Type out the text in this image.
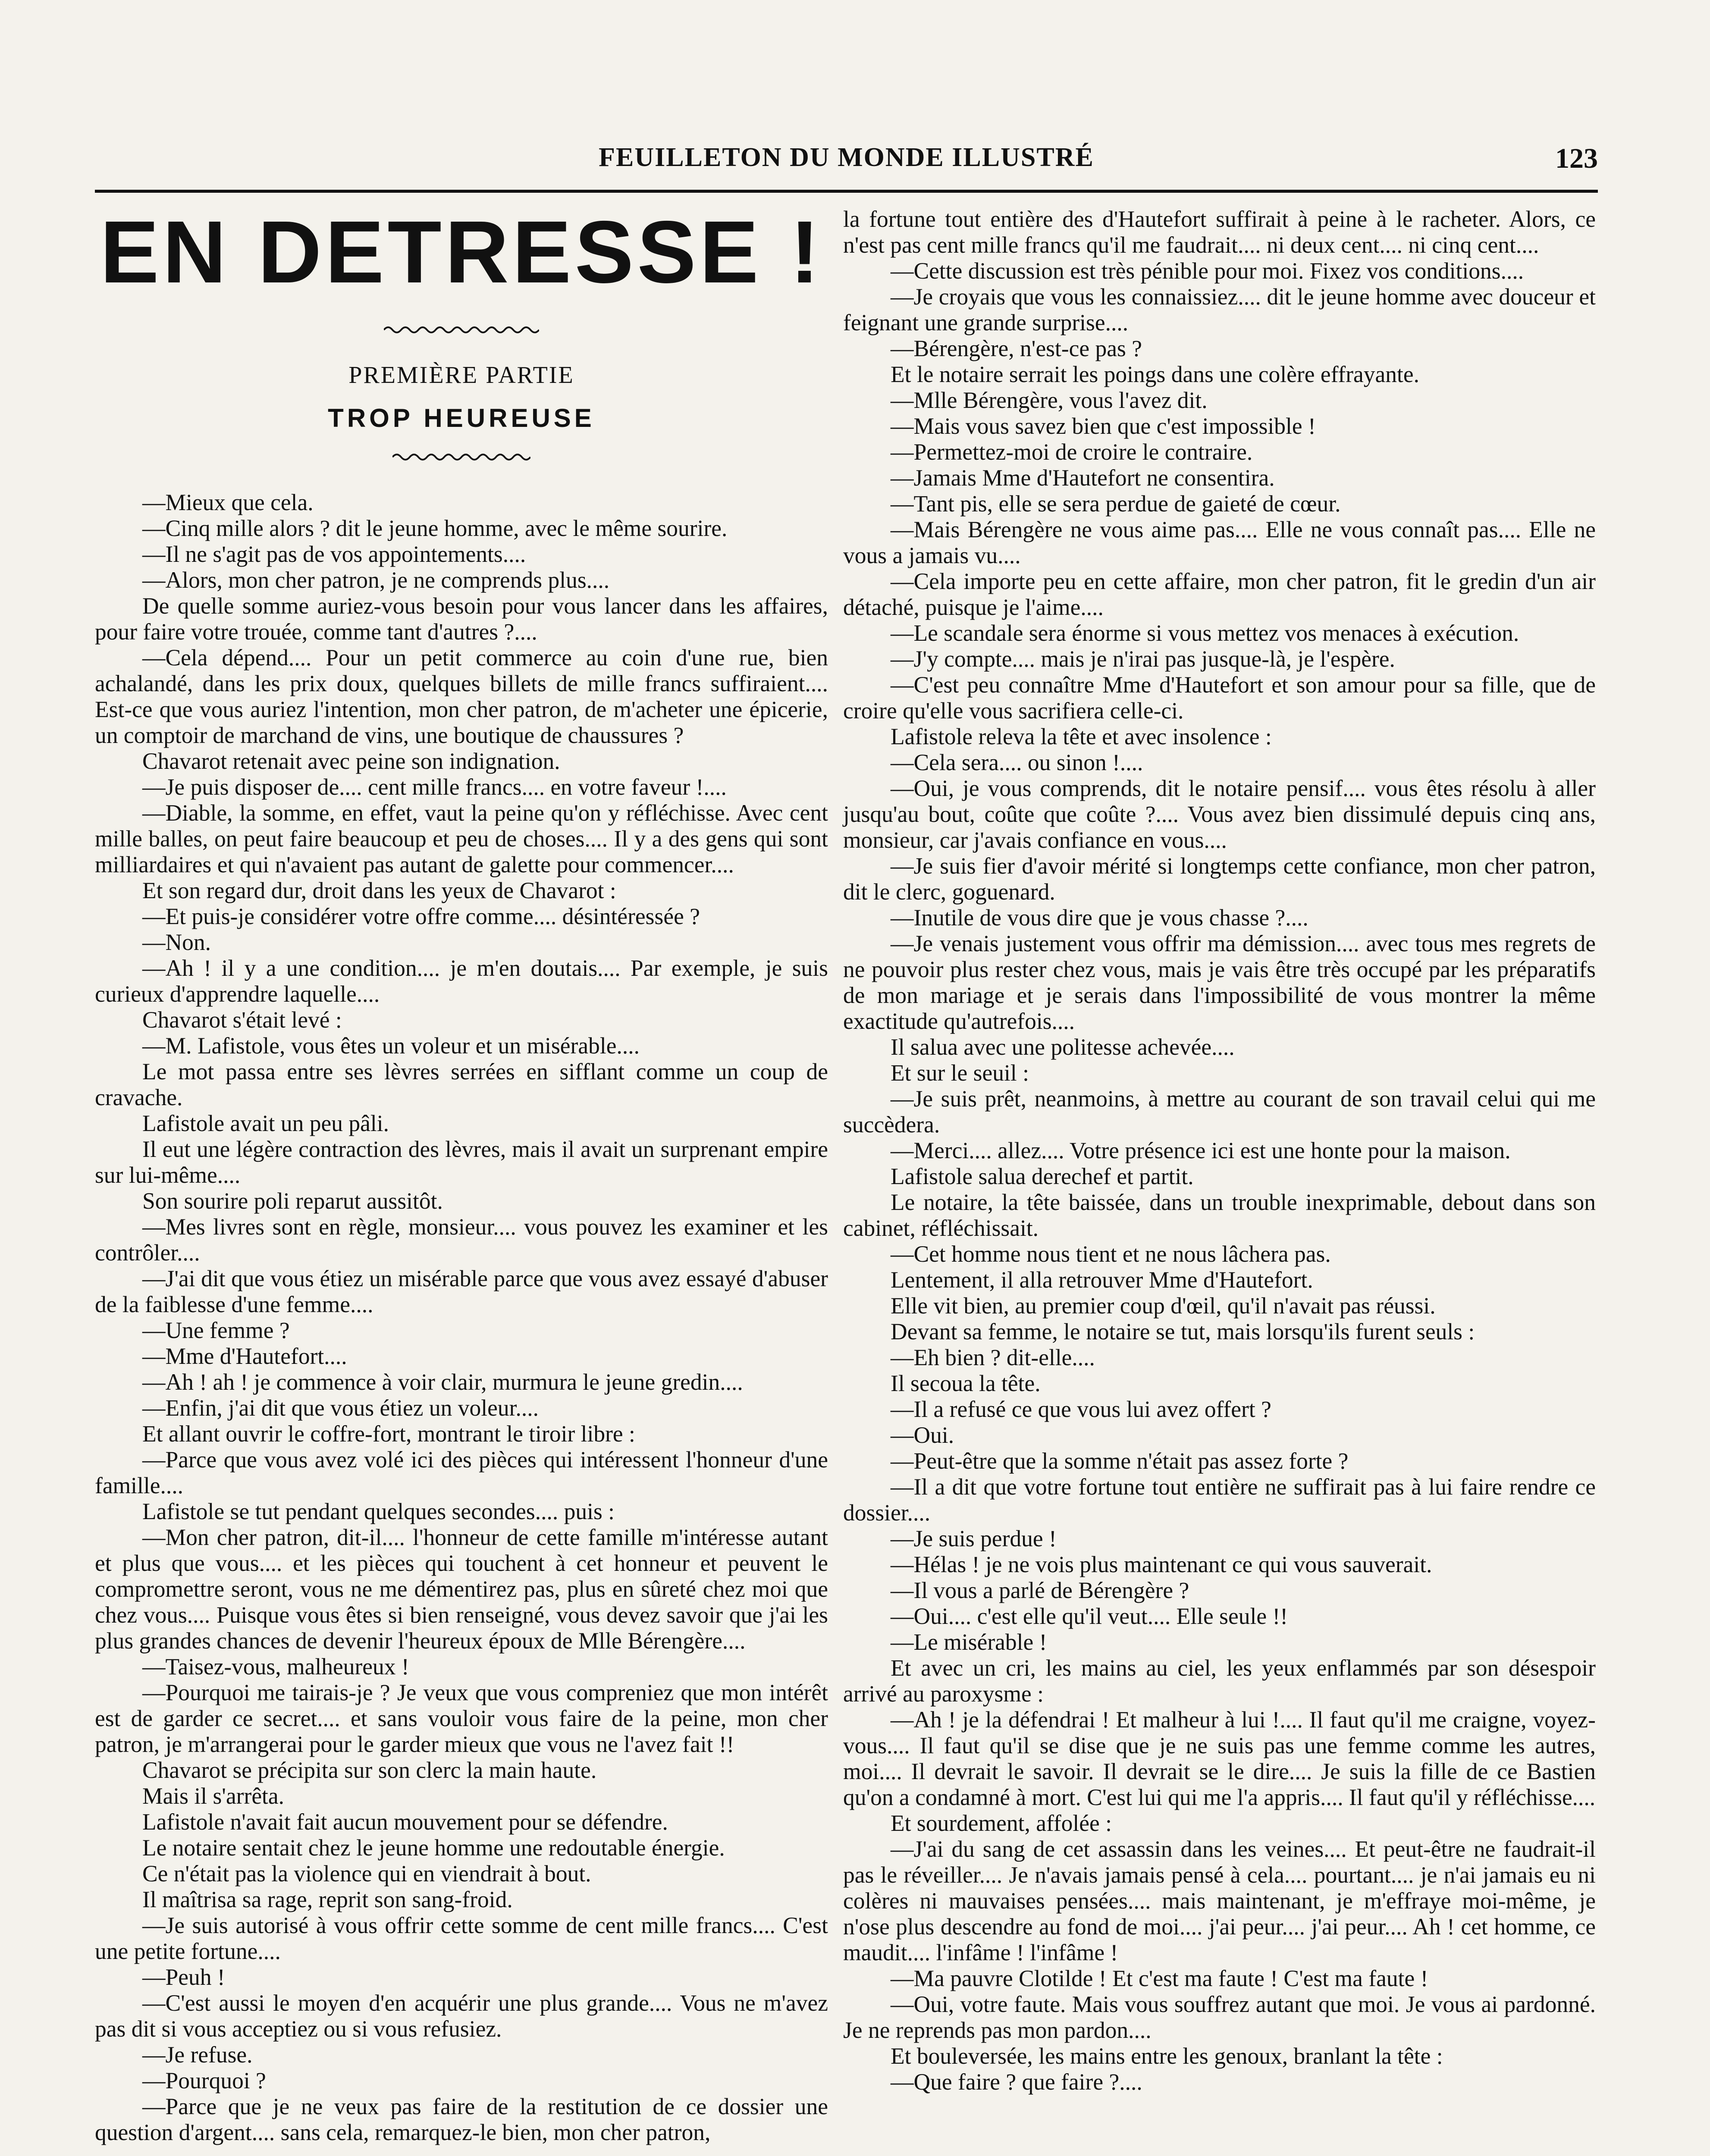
FEUILLETON DU MONDE ILLUSTRÉ	123
EN DETRESSE !
PREMIÈRE PARTIE
TROP HEUREUSE

—Mieux que cela.

—Cinq mille alors ? dit le jeune homme, avec le même sourire.

—Il ne s'agit pas de vos appointements....

—Alors, mon cher patron, je ne comprends plus....

De quelle somme auriez-vous besoin pour vous lancer dans les affaires, pour faire votre trouée, comme tant d'autres ?....

—Cela dépend.... Pour un petit commerce au coin d'une rue, bien achalandé, dans les prix doux, quelques billets de mille francs suffiraient.... Est-ce que vous auriez l'intention, mon cher patron, de m'acheter une épicerie, un comptoir de marchand de vins, une boutique de chaussures ?

Chavarot retenait avec peine son indignation.

—Je puis disposer de.... cent mille francs.... en votre faveur !....

—Diable, la somme, en effet, vaut la peine qu'on y réfléchisse. Avec cent mille balles, on peut faire beaucoup et peu de choses.... Il y a des gens qui sont milliardaires et qui n'avaient pas autant de galette pour commencer....

Et son regard dur, droit dans les yeux de Chavarot :

—Et puis-je considérer votre offre comme.... désintéressée ?

—Non.

—Ah ! il y a une condition.... je m'en doutais.... Par exemple, je suis curieux d'apprendre laquelle....

Chavarot s'était levé :

—M. Lafistole, vous êtes un voleur et un misérable....

Le mot passa entre ses lèvres serrées en sifflant comme un coup de cravache.

Lafistole avait un peu pâli.

Il eut une légère contraction des lèvres, mais il avait un surprenant empire sur lui-même....

Son sourire poli reparut aussitôt.

—Mes livres sont en règle, monsieur.... vous pouvez les examiner et les contrôler....

—J'ai dit que vous étiez un misérable parce que vous avez essayé d'abuser de la faiblesse d'une femme....

—Une femme ?

—Mme d'Hautefort....

—Ah ! ah ! je commence à voir clair, murmura le jeune gredin....

—Enfin, j'ai dit que vous étiez un voleur....

Et allant ouvrir le coffre-fort, montrant le tiroir libre :

—Parce que vous avez volé ici des pièces qui intéressent l'honneur d'une famille....

Lafistole se tut pendant quelques secondes.... puis :

—Mon cher patron, dit-il.... l'honneur de cette famille m'intéresse autant et plus que vous.... et les pièces qui touchent à cet honneur et peuvent le compromettre seront, vous ne me démentirez pas, plus en sûreté chez moi que chez vous.... Puisque vous êtes si bien renseigné, vous devez savoir que j'ai les plus grandes chances de devenir l'heureux époux de Mlle Bérengère....

—Taisez-vous, malheureux !

—Pourquoi me tairais-je ? Je veux que vous compreniez que mon intérêt est de garder ce secret.... et sans vouloir vous faire de la peine, mon cher patron, je m'arrangerai pour le garder mieux que vous ne l'avez fait !!

Chavarot se précipita sur son clerc la main haute.

Mais il s'arrêta.

Lafistole n'avait fait aucun mouvement pour se défendre.

Le notaire sentait chez le jeune homme une redoutable énergie.

Ce n'était pas la violence qui en viendrait à bout.

Il maîtrisa sa rage, reprit son sang-froid.

—Je suis autorisé à vous offrir cette somme de cent mille francs.... C'est une petite fortune....

—Peuh !

—C'est aussi le moyen d'en acquérir une plus grande.... Vous ne m'avez pas dit si vous acceptiez ou si vous refusiez.

—Je refuse.

—Pourquoi ?

—Parce que je ne veux pas faire de la restitution de ce dossier une question d'argent.... sans cela, remarquez-le bien, mon cher patron,

la fortune tout entière des d'Hautefort suffirait à peine à le racheter. Alors, ce n'est pas cent mille francs qu'il me faudrait.... ni deux cent.... ni cinq cent....

—Cette discussion est très pénible pour moi. Fixez vos conditions....

—Je croyais que vous les connaissiez.... dit le jeune homme avec douceur et feignant une grande surprise....

—Bérengère, n'est-ce pas ?

Et le notaire serrait les poings dans une colère effrayante.

—Mlle Bérengère, vous l'avez dit.

—Mais vous savez bien que c'est impossible !

—Permettez-moi de croire le contraire.

—Jamais Mme d'Hautefort ne consentira.

—Tant pis, elle se sera perdue de gaieté de cœur.

—Mais Bérengère ne vous aime pas.... Elle ne vous connaît pas.... Elle ne vous a jamais vu....

—Cela importe peu en cette affaire, mon cher patron, fit le gredin d'un air détaché, puisque je l'aime....

—Le scandale sera énorme si vous mettez vos menaces à exécution.

—J'y compte.... mais je n'irai pas jusque-là, je l'espère.

—C'est peu connaître Mme d'Hautefort et son amour pour sa fille, que de croire qu'elle vous sacrifiera celle-ci.

Lafistole releva la tête et avec insolence :

—Cela sera.... ou sinon !....

—Oui, je vous comprends, dit le notaire pensif.... vous êtes résolu à aller jusqu'au bout, coûte que coûte ?.... Vous avez bien dissimulé depuis cinq ans, monsieur, car j'avais confiance en vous....

—Je suis fier d'avoir mérité si longtemps cette confiance, mon cher patron, dit le clerc, goguenard.

—Inutile de vous dire que je vous chasse ?....

—Je venais justement vous offrir ma démission.... avec tous mes regrets de ne pouvoir plus rester chez vous, mais je vais être très occupé par les préparatifs de mon mariage et je serais dans l'impossibilité de vous montrer la même exactitude qu'autrefois....

Il salua avec une politesse achevée....

Et sur le seuil :

—Je suis prêt, neanmoins, à mettre au courant de son travail celui qui me succèdera.

—Merci.... allez.... Votre présence ici est une honte pour la maison.

Lafistole salua derechef et partit.

Le notaire, la tête baissée, dans un trouble inexprimable, debout dans son cabinet, réfléchissait.

—Cet homme nous tient et ne nous lâchera pas.

Lentement, il alla retrouver Mme d'Hautefort.

Elle vit bien, au premier coup d'œil, qu'il n'avait pas réussi.

Devant sa femme, le notaire se tut, mais lorsqu'ils furent seuls :

—Eh bien ? dit-elle....

Il secoua la tête.

—Il a refusé ce que vous lui avez offert ?

—Oui.

—Peut-être que la somme n'était pas assez forte ?

—Il a dit que votre fortune tout entière ne suffirait pas à lui faire rendre ce dossier....

—Je suis perdue !

—Hélas ! je ne vois plus maintenant ce qui vous sauverait.

—Il vous a parlé de Bérengère ?

—Oui.... c'est elle qu'il veut.... Elle seule !!

—Le misérable !

Et avec un cri, les mains au ciel, les yeux enflammés par son désespoir arrivé au paroxysme :

—Ah ! je la défendrai ! Et malheur à lui !.... Il faut qu'il me craigne, voyez-vous.... Il faut qu'il se dise que je ne suis pas une femme comme les autres, moi.... Il devrait le savoir. Il devrait se le dire.... Je suis la fille de ce Bastien qu'on a condamné à mort. C'est lui qui me l'a appris.... Il faut qu'il y réfléchisse....

Et sourdement, affolée :

—J'ai du sang de cet assassin dans les veines.... Et peut-être ne faudrait-il pas le réveiller.... Je n'avais jamais pensé à cela.... pourtant.... je n'ai jamais eu ni colères ni mauvaises pensées.... mais maintenant, je m'effraye moi-même, je n'ose plus descendre au fond de moi.... j'ai peur.... j'ai peur.... Ah ! cet homme, ce maudit.... l'infâme ! l'infâme !

—Ma pauvre Clotilde ! Et c'est ma faute ! C'est ma faute !

—Oui, votre faute. Mais vous souffrez autant que moi. Je vous ai pardonné. Je ne reprends pas mon pardon....

Et bouleversée, les mains entre les genoux, branlant la tête :

—Que faire ? que faire ?....
